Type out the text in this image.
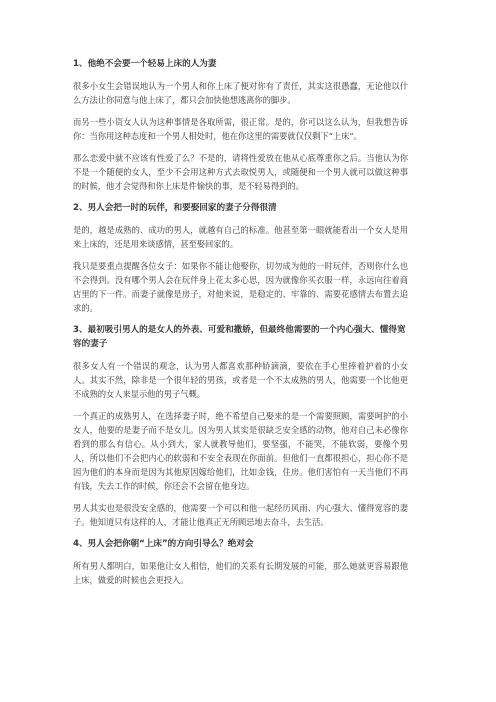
1、他绝不会要一个轻易上床的人为妻

很多小女生会错误地认为一个男人和你上床了便对你有了责任，其实这很愚蠢，无论他以什么方法让你同意与他上床了，都只会加快他想逃离你的脚步。

而另一些小资女人认为这种事情是各取所需，很正常。是的，你可以这么认为，但我想告诉你：当你用这种态度和一个男人相处时，他在你这里的需要就仅仅剩下“上床”。

那么恋爱中就不应该有性爱了么？不是的，请将性爱放在他从心底尊重你之后。当他认为你不是一个随便的女人，至少不会用这种方式去取悦男人，或随便和一个男人就可以做这种事的时候，他才会觉得和你上床是件愉快的事，是不轻易得到的。

2、男人会把一时的玩伴，和要娶回家的妻子分得很清

是的，越是成熟的、成功的男人，就越有自己的标准。他甚至第一眼就能看出一个女人是用来上床的，还是用来谈感情，甚至娶回家的。

我只是要重点提醒各位女子：如果你不能让他娶你，切勿成为他的一时玩伴，否则你什么也不会得到。没有哪个男人会在玩伴身上花太多心思，因为就像你买衣服一样，永远向往着商店里的下一件。而妻子就像是房子，对他来说，是稳定的、牢靠的、需要花感情去布置去追求的。

3、最初吸引男人的是女人的外表、可爱和撒娇，但最终他需要的一个内心强大、懂得宽容的妻子

很多女人有一个错误的观念，认为男人都喜欢那种娇滴滴，要依在手心里捧着护着的小女人。其实不然，除非是一个很年轻的男孩，或者是一个不太成熟的男人，他需要一个比他更不成熟的女人来显示他的男子气概。

一个真正的成熟男人，在选择妻子时，绝不希望自己娶来的是一个需要照顾，需要呵护的小女人，他要的是妻子而不是女儿。因为男人其实是很缺乏安全感的动物，他对自己未必像你看到的那么有信心。从小到大，家人就教导他们，要坚强，不能哭，不能软弱，要像个男人，所以他们不会把内心的软弱和不安全表现在你面前。但他们一直都很担心，担心你不是因为他们的本身而是因为其他原因嫁给他们，比如金钱，住房。他们害怕有一天当他们不再有钱，失去工作的时候，你还会不会留在他身边。

男人其实也是很没安全感的，他需要一个可以和他一起经历风雨、内心强大、懂得宽容的妻子。他知道只有这样的人，才能让他真正无所顾忌地去奋斗，去生活。

4、男人会把你朝“上床”的方向引导么？绝对会

所有男人都明白，如果他让女人相信，他们的关系有长期发展的可能，那么她就更容易跟他上床，做爱的时候也会更投入。
